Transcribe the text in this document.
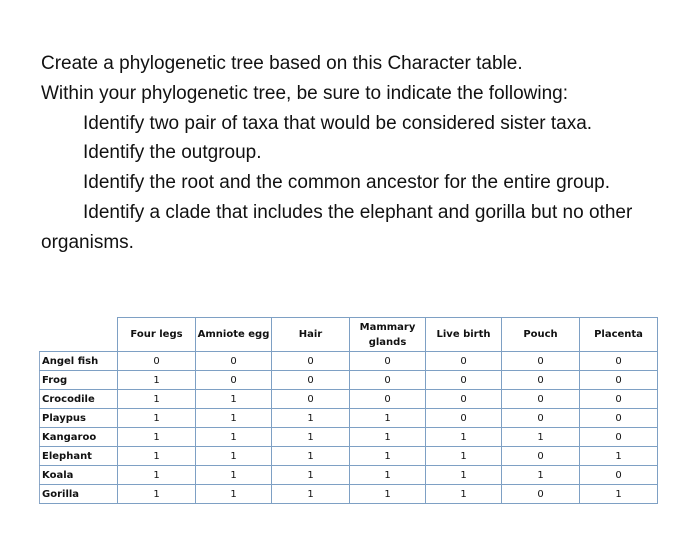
Create a phylogenetic tree based on this Character table.

Within your phylogenetic tree, be sure to indicate the following:

Identify two pair of taxa that would be considered sister taxa.

Identify the outgroup.

Identify the root and the common ancestor for the entire group.

Identify a clade that includes the elephant and gorilla but no other organisms.

	Four legs	Amniote egg	Hair	Mammary glands	Live birth	Pouch	Placenta
Angel fish	0	0	0	0	0	0	0
Frog	1	0	0	0	0	0	0
Crocodile	1	1	0	0	0	0	0
Playpus	1	1	1	1	0	0	0
Kangaroo	1	1	1	1	1	1	0
Elephant	1	1	1	1	1	0	1
Koala	1	1	1	1	1	1	0
Gorilla	1	1	1	1	1	0	1
